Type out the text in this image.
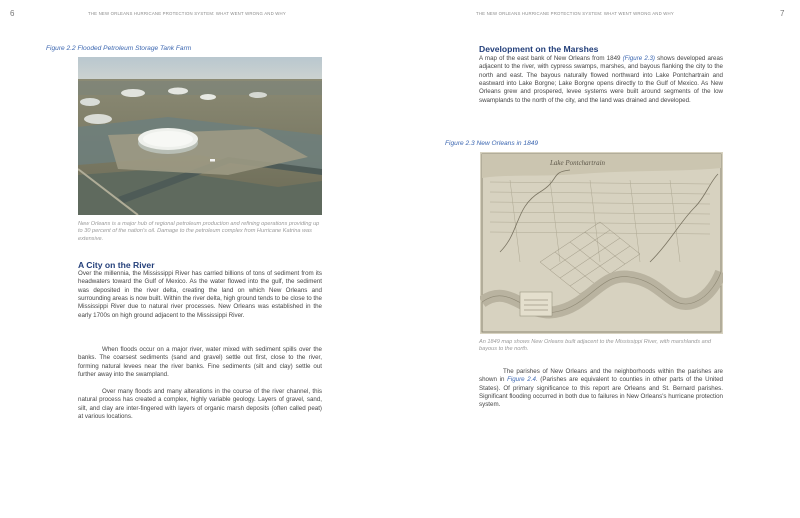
6	THE NEW ORLEANS HURRICANE PROTECTION SYSTEM: WHAT WENT WRONG AND WHY
Figure 2.2 Flooded Petroleum Storage Tank Farm
New Orleans is a major hub of regional petroleum production and refining operations providing up to 30 percent of the nation's oil. Damage to the petroleum complex from Hurricane Katrina was extensive.
A City on the River

Over the millennia, the Mississippi River has carried billions of tons of sediment from its headwaters toward the Gulf of Mexico. As the water flowed into the gulf, the sediment was deposited in the river delta, creating the land on which New Orleans and surrounding areas is now built. Within the river delta, high ground tends to be close to the Mississippi River due to natural river processes. New Orleans was established in the early 1700s on high ground adjacent to the Mississippi River.

When floods occur on a major river, water mixed with sediment spills over the banks. The coarsest sediments (sand and gravel) settle out first, close to the river, forming natural levees near the river banks. Fine sediments (silt and clay) settle out further away into the swampland.

Over many floods and many alterations in the course of the river channel, this natural process has created a complex, highly variable geology. Layers of gravel, sand, silt, and clay are inter-fingered with layers of organic marsh deposits (often called peat) at various locations.

7
THE NEW ORLEANS HURRICANE PROTECTION SYSTEM: WHAT WENT WRONG AND WHY
Development on the Marshes

A map of the east bank of New Orleans from 1849 (Figure 2.3) shows developed areas adjacent to the river, with cypress swamps, marshes, and bayous flanking the city to the north and east. The bayous naturally flowed northward into Lake Pontchartrain and eastward into Lake Borgne; Lake Borgne opens directly to the Gulf of Mexico. As New Orleans grew and prospered, levee systems were built around segments of the low swamplands to the north of the city, and the land was drained and developed.

Figure 2.3 New Orleans in 1849
Lake Pontchartrain
An 1849 map shows New Orleans built adjacent to the Mississippi River, with marshlands and bayous to the north.

The parishes of New Orleans and the neighborhoods within the parishes are shown in Figure 2.4. (Parishes are equivalent to counties in other parts of the United States). Of primary significance to this report are Orleans and St. Bernard parishes. Significant flooding occurred in both due to failures in New Orleans's hurricane protection system.
